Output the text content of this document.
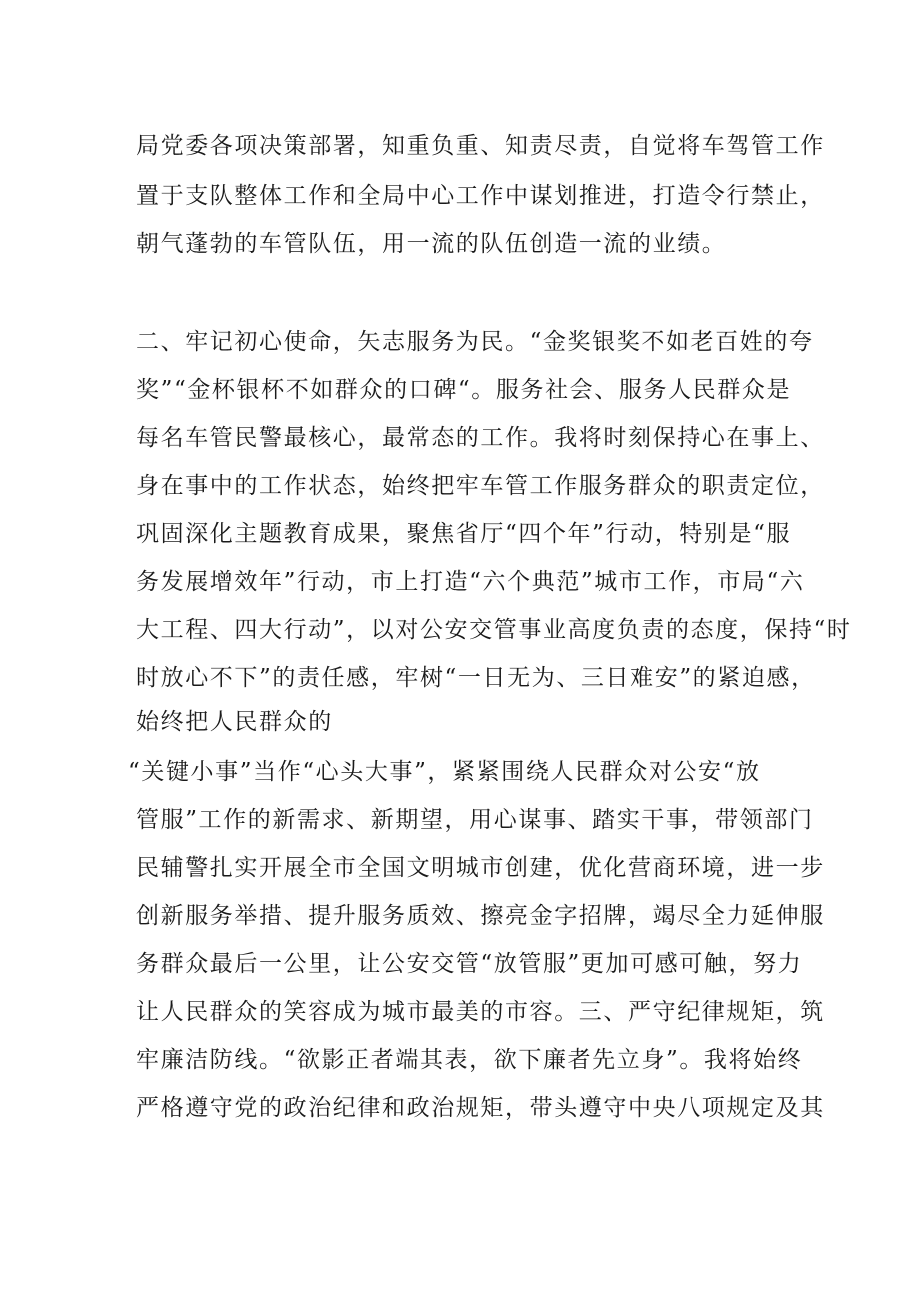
局党委各项决策部署，知重负重、知责尽责，自觉将车驾管工作
置于支队整体工作和全局中心工作中谋划推进，打造令行禁止，
朝气蓬勃的车管队伍，用一流的队伍创造一流的业绩。
二、牢记初心使命，矢志服务为民。“金奖银奖不如老百姓的夸
奖”“金杯银杯不如群众的口碑“。服务社会、服务人民群众是
每名车管民警最核心，最常态的工作。我将时刻保持心在事上、
身在事中的工作状态，始终把牢车管工作服务群众的职责定位，
巩固深化主题教育成果，聚焦省厅“四个年”行动，特别是“服
务发展增效年”行动，市上打造“六个典范”城市工作，市局“六
大工程、四大行动”，以对公安交管事业高度负责的态度，保持“时
时放心不下”的责任感，牢树“一日无为、三日难安”的紧迫感，
始终把人民群众的
“关键小事”当作“心头大事”，紧紧围绕人民群众对公安“放
管服”工作的新需求、新期望，用心谋事、踏实干事，带领部门
民辅警扎实开展全市全国文明城市创建，优化营商环境，进一步
创新服务举措、提升服务质效、擦亮金字招牌，竭尽全力延伸服
务群众最后一公里，让公安交管“放管服”更加可感可触，努力
让人民群众的笑容成为城市最美的市容。三、严守纪律规矩，筑
牢廉洁防线。“欲影正者端其表，欲下廉者先立身”。我将始终
严格遵守党的政治纪律和政治规矩，带头遵守中央八项规定及其
